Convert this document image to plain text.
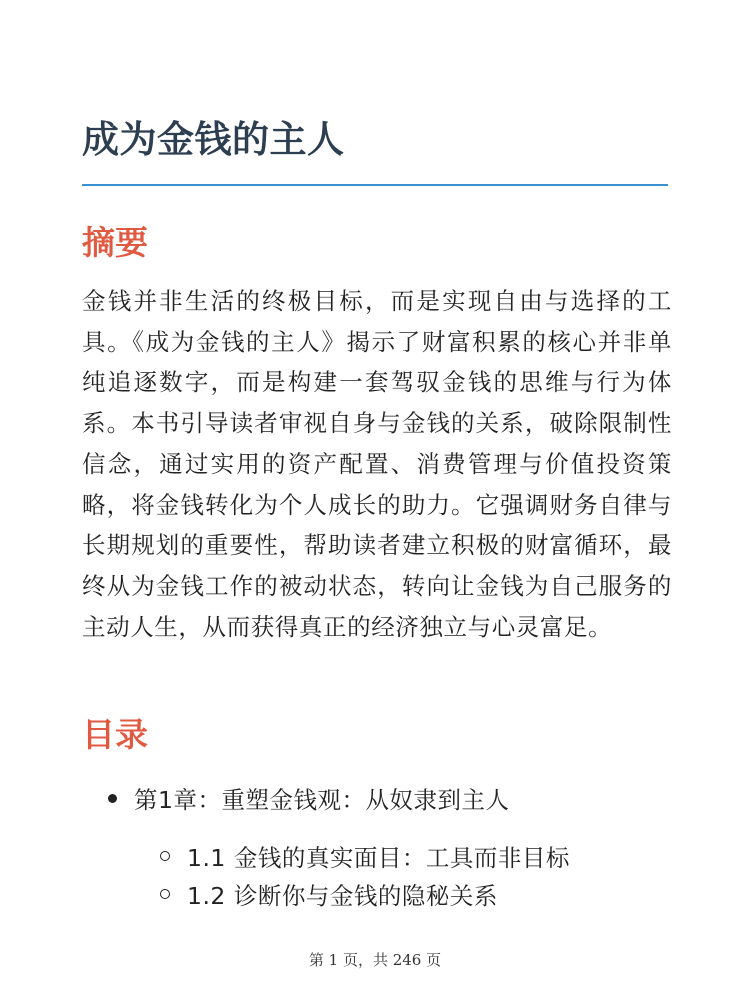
成为金钱的主人
摘要

金钱并非生活的终极目标，而是实现自由与选择的工具。《成为金钱的主人》揭示了财富积累的核心并非单纯追逐数字，而是构建一套驾驭金钱的思维与行为体系。本书引导读者审视自身与金钱的关系，破除限制性信念，通过实用的资产配置、消费管理与价值投资策略，将金钱转化为个人成长的助力。它强调财务自律与长期规划的重要性，帮助读者建立积极的财富循环，最终从为金钱工作的被动状态，转向让金钱为自己服务的主动人生，从而获得真正的经济独立与心灵富足。

目录
第1章：重塑金钱观：从奴隶到主人
1.1 金钱的真实面目：工具而非目标
1.2 诊断你与金钱的隐秘关系
第 1 页，共 246 页
